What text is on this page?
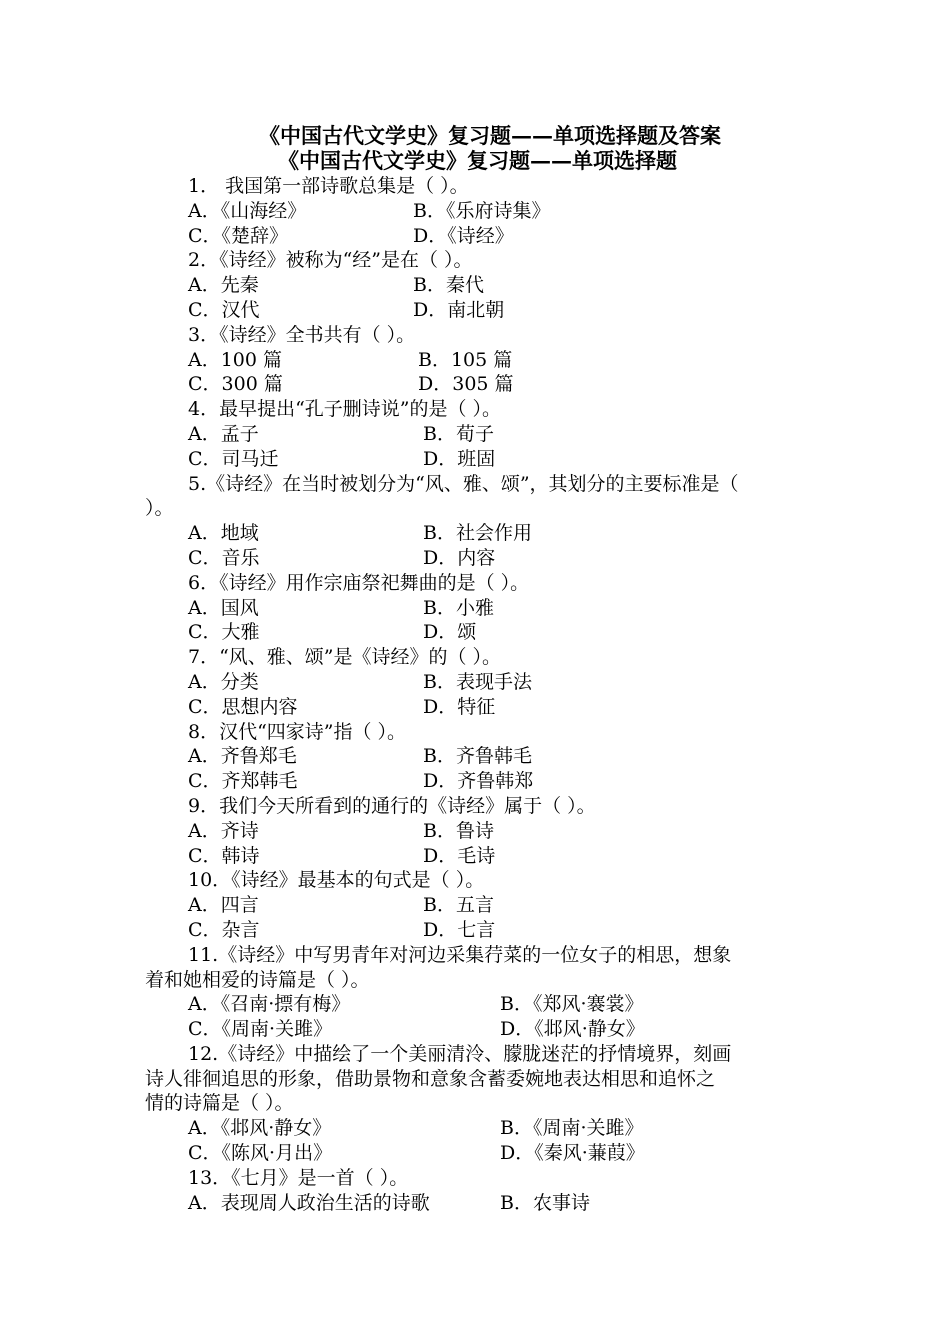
《中国古代文学史》复习题——单项选择题及答案
《中国古代文学史》复习题——单项选择题
1． 我国第一部诗歌总集是（ ）。
A．《山海经》	B．《乐府诗集》
C．《楚辞》	D．《诗经》
2．《诗经》被称为“经”是在（ ）。
A．先秦	B．秦代
C．汉代	D．南北朝
3．《诗经》全书共有（ ）。
A．100 篇	B．105 篇
C．300 篇	D．305 篇
4．最早提出“孔子删诗说”的是（ ）。
A．孟子	B．荀子
C．司马迁	D．班固
5.《诗经》在当时被划分为“风、雅、颂”，其划分的主要标准是（
）。
A．地域	B．社会作用
C．音乐	D．内容
6．《诗经》用作宗庙祭祀舞曲的是（ ）。
A．国风	B．小雅
C．大雅	D．颂
7．“风、雅、颂”是《诗经》的（ ）。
A．分类	B．表现手法
C．思想内容	D．特征
8．汉代“四家诗”指（ ）。
A．齐鲁郑毛	B．齐鲁韩毛
C．齐郑韩毛	D．齐鲁韩郑
9．我们今天所看到的通行的《诗经》属于（ ）。
A．齐诗	B．鲁诗
C．韩诗	D．毛诗
10．《诗经》最基本的句式是（ ）。
A．四言	B．五言
C．杂言	D．七言
11.《诗经》中写男青年对河边采集荇菜的一位女子的相思，想象
着和她相爱的诗篇是（ ）。
A．《召南·摽有梅》	B．《郑风·褰裳》
C．《周南·关雎》	D．《邶风·静女》
12.《诗经》中描绘了一个美丽清泠、朦胧迷茫的抒情境界，刻画
诗人徘徊追思的形象，借助景物和意象含蓄委婉地表达相思和追怀之
情的诗篇是（ ）。
A．《邶风·静女》	B．《周南·关雎》
C．《陈风·月出》	D．《秦风·蒹葭》
13．《七月》是一首（ ）。
A．表现周人政治生活的诗歌	B．农事诗
